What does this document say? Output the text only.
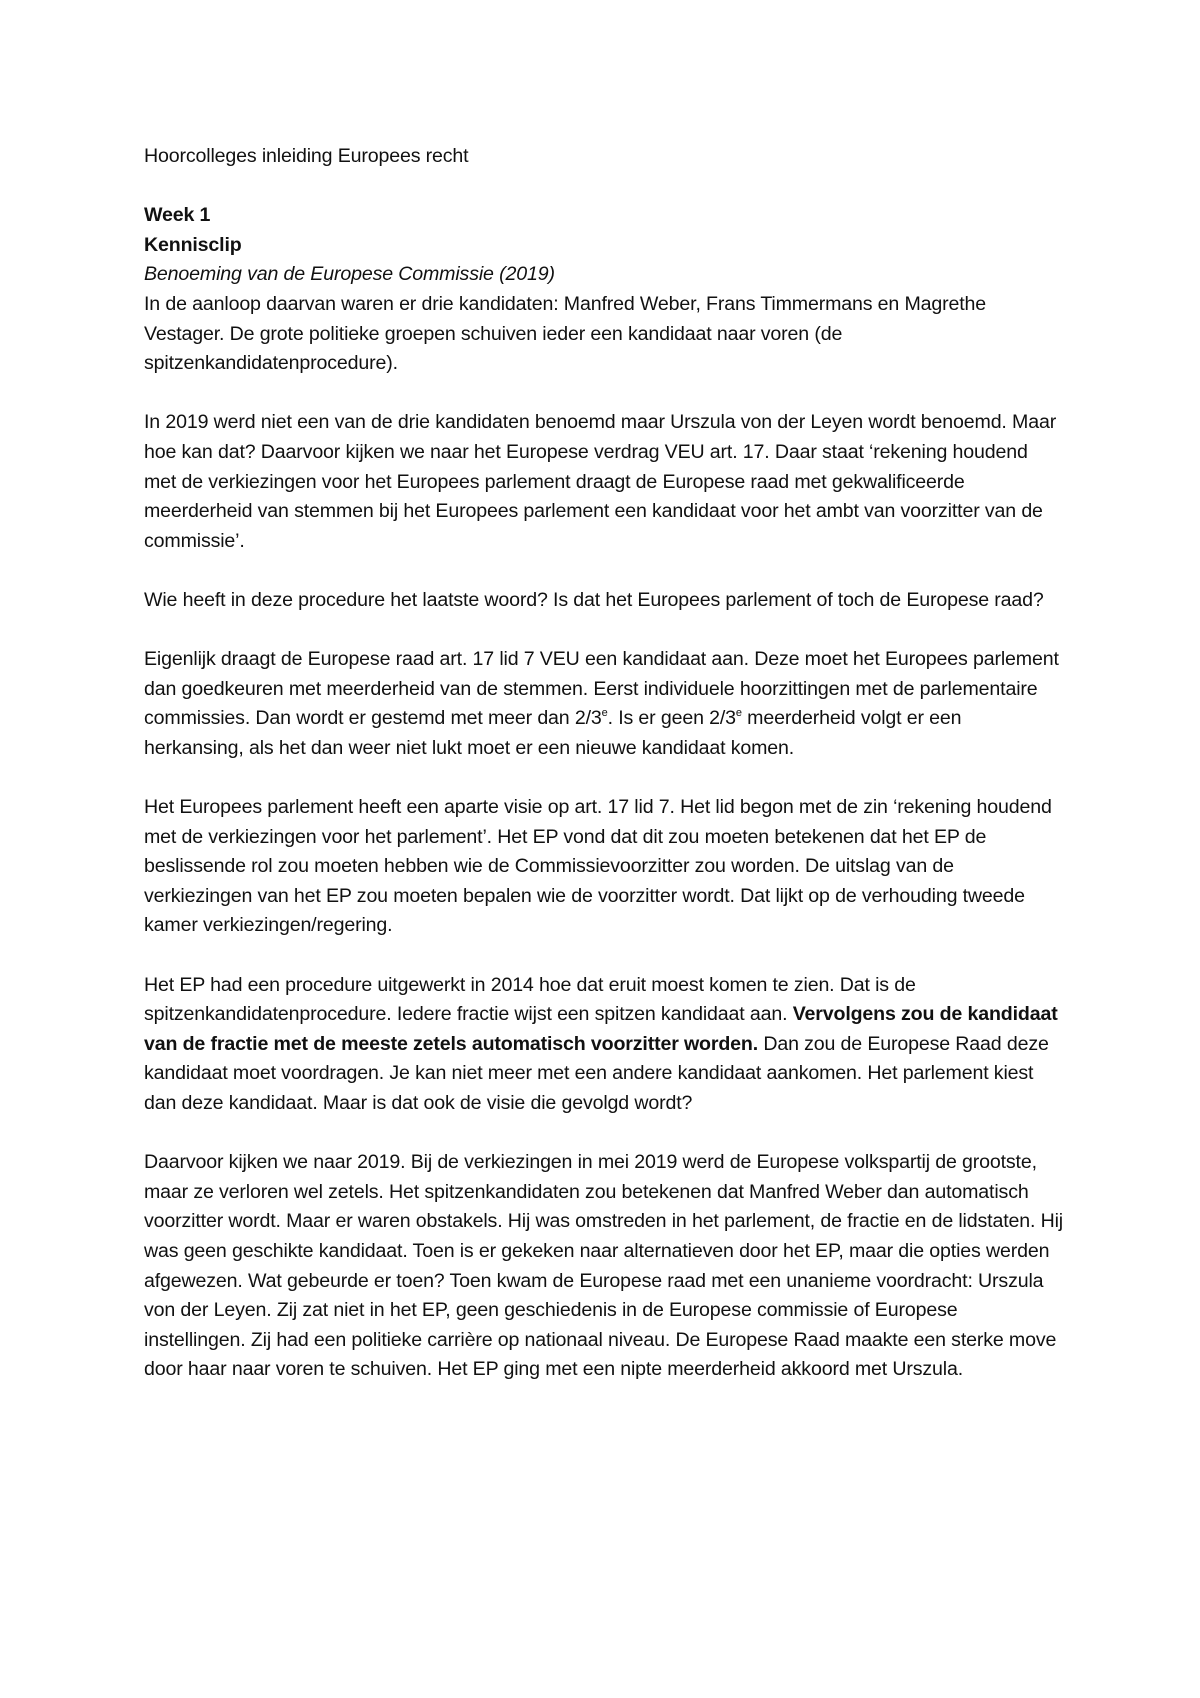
Hoorcolleges inleiding Europees recht

Week 1

Kennisclip

Benoeming van de Europese Commissie (2019)

In de aanloop daarvan waren er drie kandidaten: Manfred Weber, Frans Timmermans en Magrethe Vestager. De grote politieke groepen schuiven ieder een kandidaat naar voren (de spitzenkandidatenprocedure).

In 2019 werd niet een van de drie kandidaten benoemd maar Urszula von der Leyen wordt benoemd. Maar hoe kan dat? Daarvoor kijken we naar het Europese verdrag VEU art. 17. Daar staat ‘rekening houdend met de verkiezingen voor het Europees parlement draagt de Europese raad met gekwalificeerde meerderheid van stemmen bij het Europees parlement een kandidaat voor het ambt van voorzitter van de commissie’.

Wie heeft in deze procedure het laatste woord? Is dat het Europees parlement of toch de Europese raad?

Eigenlijk draagt de Europese raad art. 17 lid 7 VEU een kandidaat aan. Deze moet het Europees parlement dan goedkeuren met meerderheid van de stemmen. Eerst individuele hoorzittingen met de parlementaire commissies. Dan wordt er gestemd met meer dan 2/3e. Is er geen 2/3e meerderheid volgt er een herkansing, als het dan weer niet lukt moet er een nieuwe kandidaat komen.

Het Europees parlement heeft een aparte visie op art. 17 lid 7. Het lid begon met de zin ‘rekening houdend met de verkiezingen voor het parlement’. Het EP vond dat dit zou moeten betekenen dat het EP de beslissende rol zou moeten hebben wie de Commissievoorzitter zou worden. De uitslag van de verkiezingen van het EP zou moeten bepalen wie de voorzitter wordt. Dat lijkt op de verhouding tweede kamer verkiezingen/regering.

Het EP had een procedure uitgewerkt in 2014 hoe dat eruit moest komen te zien. Dat is de spitzenkandidatenprocedure. Iedere fractie wijst een spitzen kandidaat aan. Vervolgens zou de kandidaat van de fractie met de meeste zetels automatisch voorzitter worden. Dan zou de Europese Raad deze kandidaat moet voordragen. Je kan niet meer met een andere kandidaat aankomen. Het parlement kiest dan deze kandidaat. Maar is dat ook de visie die gevolgd wordt?

Daarvoor kijken we naar 2019. Bij de verkiezingen in mei 2019 werd de Europese volkspartij de grootste, maar ze verloren wel zetels. Het spitzenkandidaten zou betekenen dat Manfred Weber dan automatisch voorzitter wordt. Maar er waren obstakels. Hij was omstreden in het parlement, de fractie en de lidstaten. Hij was geen geschikte kandidaat. Toen is er gekeken naar alternatieven door het EP, maar die opties werden afgewezen. Wat gebeurde er toen? Toen kwam de Europese raad met een unanieme voordracht: Urszula von der Leyen. Zij zat niet in het EP, geen geschiedenis in de Europese commissie of Europese instellingen. Zij had een politieke carrière op nationaal niveau. De Europese Raad maakte een sterke move door haar naar voren te schuiven. Het EP ging met een nipte meerderheid akkoord met Urszula.
